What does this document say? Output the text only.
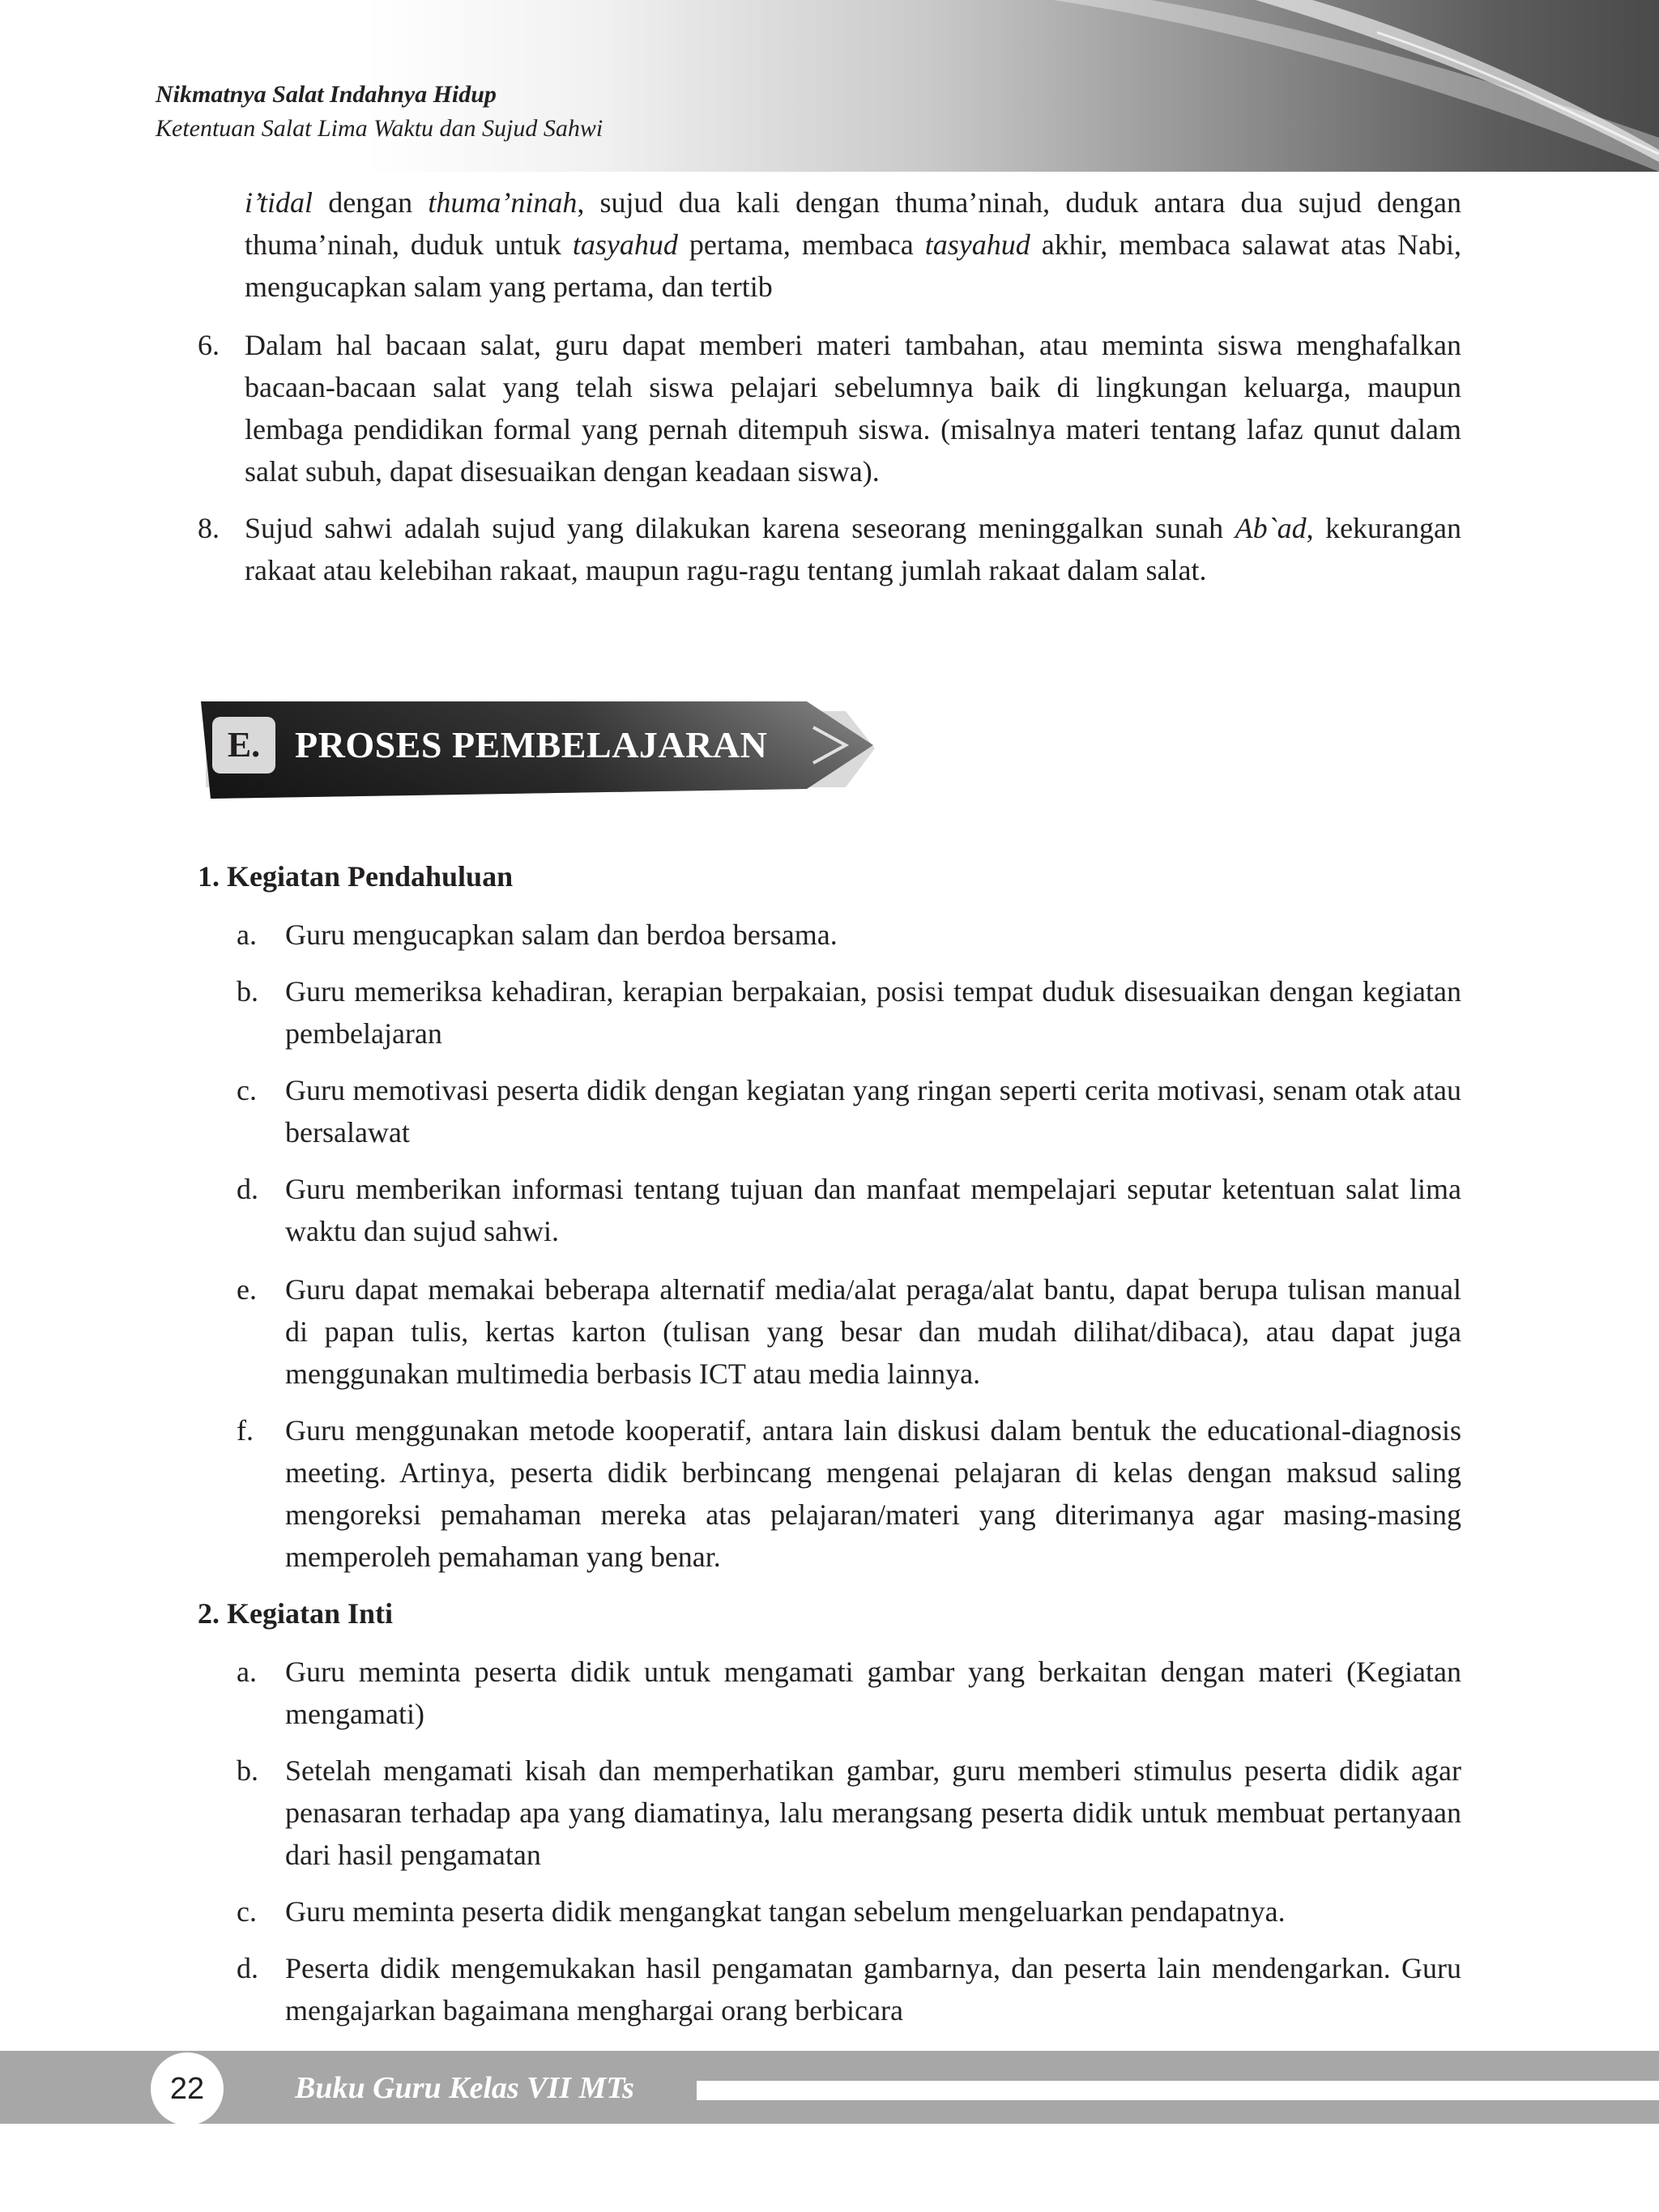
Nikmatnya Salat Indahnya Hidup
Ketentuan Salat Lima Waktu dan Sujud Sahwi
i’tidal dengan thuma’ninah, sujud dua kali dengan thuma’ninah, duduk antara dua sujud dengan thuma’ninah, duduk untuk tasyahud pertama, membaca tasyahud akhir, membaca salawat atas Nabi, mengucapkan salam yang pertama, dan tertib
6. Dalam hal bacaan salat, guru dapat memberi materi tambahan, atau meminta siswa menghafalkan bacaan-bacaan salat yang telah siswa pelajari sebelumnya baik di lingkungan keluarga, maupun lembaga pendidikan formal yang pernah ditempuh siswa. (misalnya materi tentang lafaz qunut dalam salat subuh, dapat disesuaikan dengan keadaan siswa).
8. Sujud sahwi adalah sujud yang dilakukan karena seseorang meninggalkan sunah Ab`ad, kekurangan rakaat atau kelebihan rakaat, maupun ragu-ragu tentang jumlah rakaat dalam salat.
E. PROSES PEMBELAJARAN
1. Kegiatan Pendahuluan
a. Guru mengucapkan salam dan berdoa bersama.
b. Guru memeriksa kehadiran, kerapian berpakaian, posisi tempat duduk disesuaikan dengan kegiatan pembelajaran
c. Guru memotivasi peserta didik dengan kegiatan yang ringan seperti cerita motivasi, senam otak atau bersalawat
d. Guru memberikan informasi tentang tujuan dan manfaat mempelajari seputar ketentuan salat lima waktu dan sujud sahwi.
e. Guru dapat memakai beberapa alternatif media/alat peraga/alat bantu, dapat berupa tulisan manual di papan tulis, kertas karton (tulisan yang besar dan mudah dilihat/dibaca), atau dapat juga menggunakan multimedia berbasis ICT atau media lainnya.
f. Guru menggunakan metode kooperatif, antara lain diskusi dalam bentuk the educational-diagnosis meeting. Artinya, peserta didik berbincang mengenai pelajaran di kelas dengan maksud saling mengoreksi pemahaman mereka atas pelajaran/materi yang diterimanya agar masing-masing memperoleh pemahaman yang benar.
2. Kegiatan Inti
a. Guru meminta peserta didik untuk mengamati gambar yang berkaitan dengan materi (Kegiatan mengamati)
b. Setelah mengamati kisah dan memperhatikan gambar, guru memberi stimulus peserta didik agar penasaran terhadap apa yang diamatinya, lalu merangsang peserta didik untuk membuat pertanyaan dari hasil pengamatan
c. Guru meminta peserta didik mengangkat tangan sebelum mengeluarkan pendapatnya.
d. Peserta didik mengemukakan hasil pengamatan gambarnya, dan peserta lain mendengarkan. Guru mengajarkan bagaimana menghargai orang berbicara
22	Buku Guru Kelas VII MTs
